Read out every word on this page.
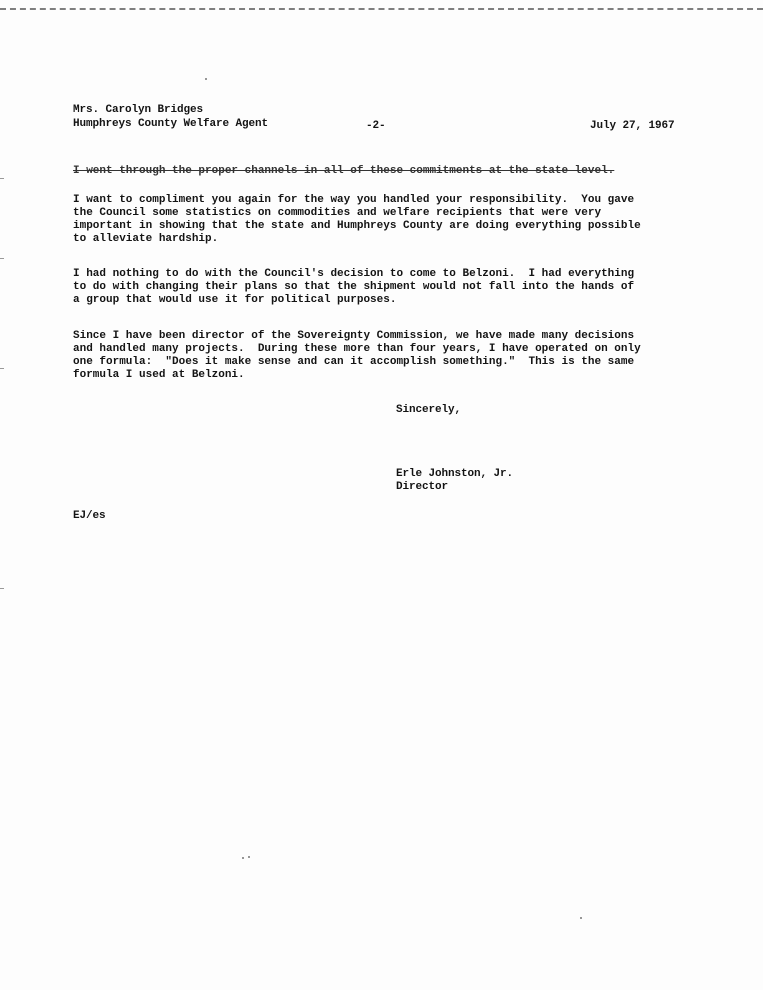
Mrs. Carolyn Bridges
Humphreys County Welfare Agent	-2-	July 27, 1967
I went through the proper channels in all of these commitments at the state level.
I want to compliment you again for the way you handled your responsibility.  You gave
the Council some statistics on commodities and welfare recipients that were very
important in showing that the state and Humphreys County are doing everything possible
to alleviate hardship.
I had nothing to do with the Council's decision to come to Belzoni.  I had everything
to do with changing their plans so that the shipment would not fall into the hands of
a group that would use it for political purposes.
Since I have been director of the Sovereignty Commission, we have made many decisions
and handled many projects.  During these more than four years, I have operated on only
one formula:  "Does it make sense and can it accomplish something."  This is the same
formula I used at Belzoni.
Sincerely,
Erle Johnston, Jr.
Director
EJ/es
